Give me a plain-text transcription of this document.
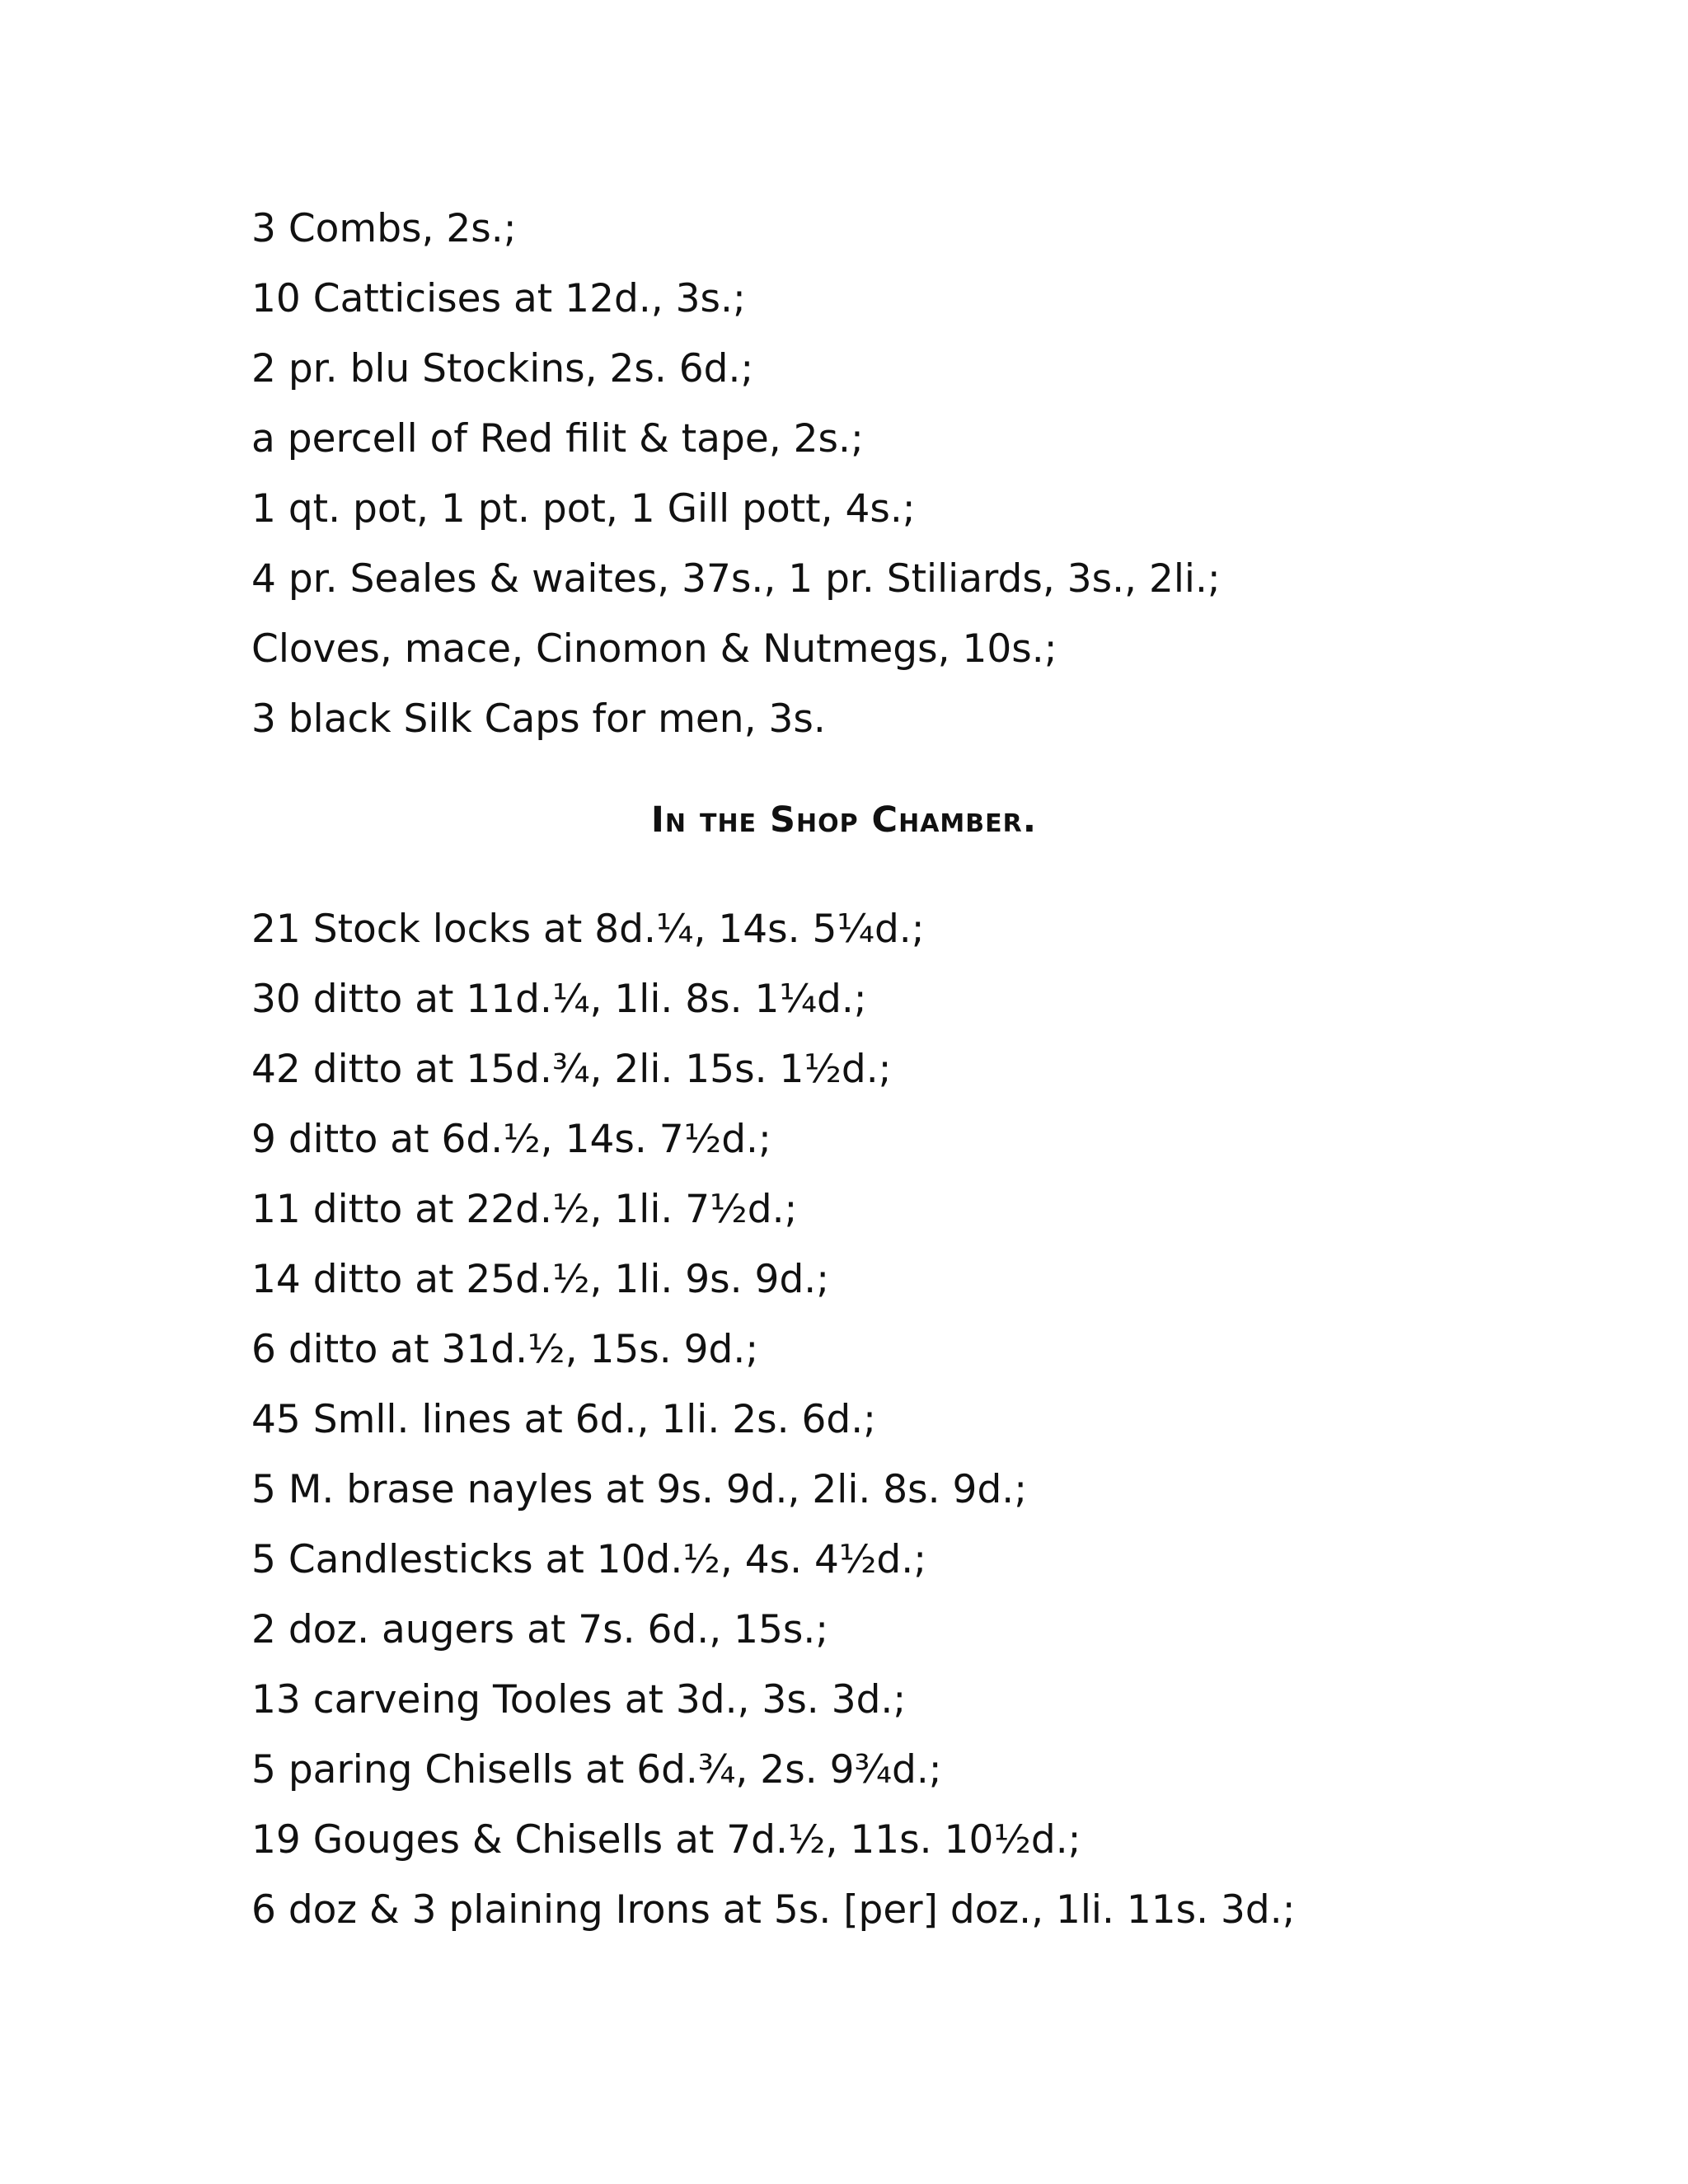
3 Combs, 2s.;
10 Catticises at 12d., 3s.;
2 pr. blu Stockins, 2s. 6d.;
a percell of Red filit & tape, 2s.;
1 qt. pot, 1 pt. pot, 1 Gill pott, 4s.;
4 pr. Seales & waites, 37s., 1 pr. Stiliards, 3s., 2li.;
Cloves, mace, Cinomon & Nutmegs, 10s.;
3 black Silk Caps for men, 3s.
In the Shop Chamber.
21 Stock locks at 8d.¼, 14s. 5¼d.;
30 ditto at 11d.¼, 1li. 8s. 1¼d.;
42 ditto at 15d.¾, 2li. 15s. 1½d.;
9 ditto at 6d.½, 14s. 7½d.;
11 ditto at 22d.½, 1li. 7½d.;
14 ditto at 25d.½, 1li. 9s. 9d.;
6 ditto at 31d.½, 15s. 9d.;
45 Smll. lines at 6d., 1li. 2s. 6d.;
5 M. brase nayles at 9s. 9d., 2li. 8s. 9d.;
5 Candlesticks at 10d.½, 4s. 4½d.;
2 doz. augers at 7s. 6d., 15s.;
13 carveing Tooles at 3d., 3s. 3d.;
5 paring Chisells at 6d.¾, 2s. 9¾d.;
19 Gouges & Chisells at 7d.½, 11s. 10½d.;
6 doz & 3 plaining Irons at 5s. [per] doz., 1li. 11s. 3d.;
